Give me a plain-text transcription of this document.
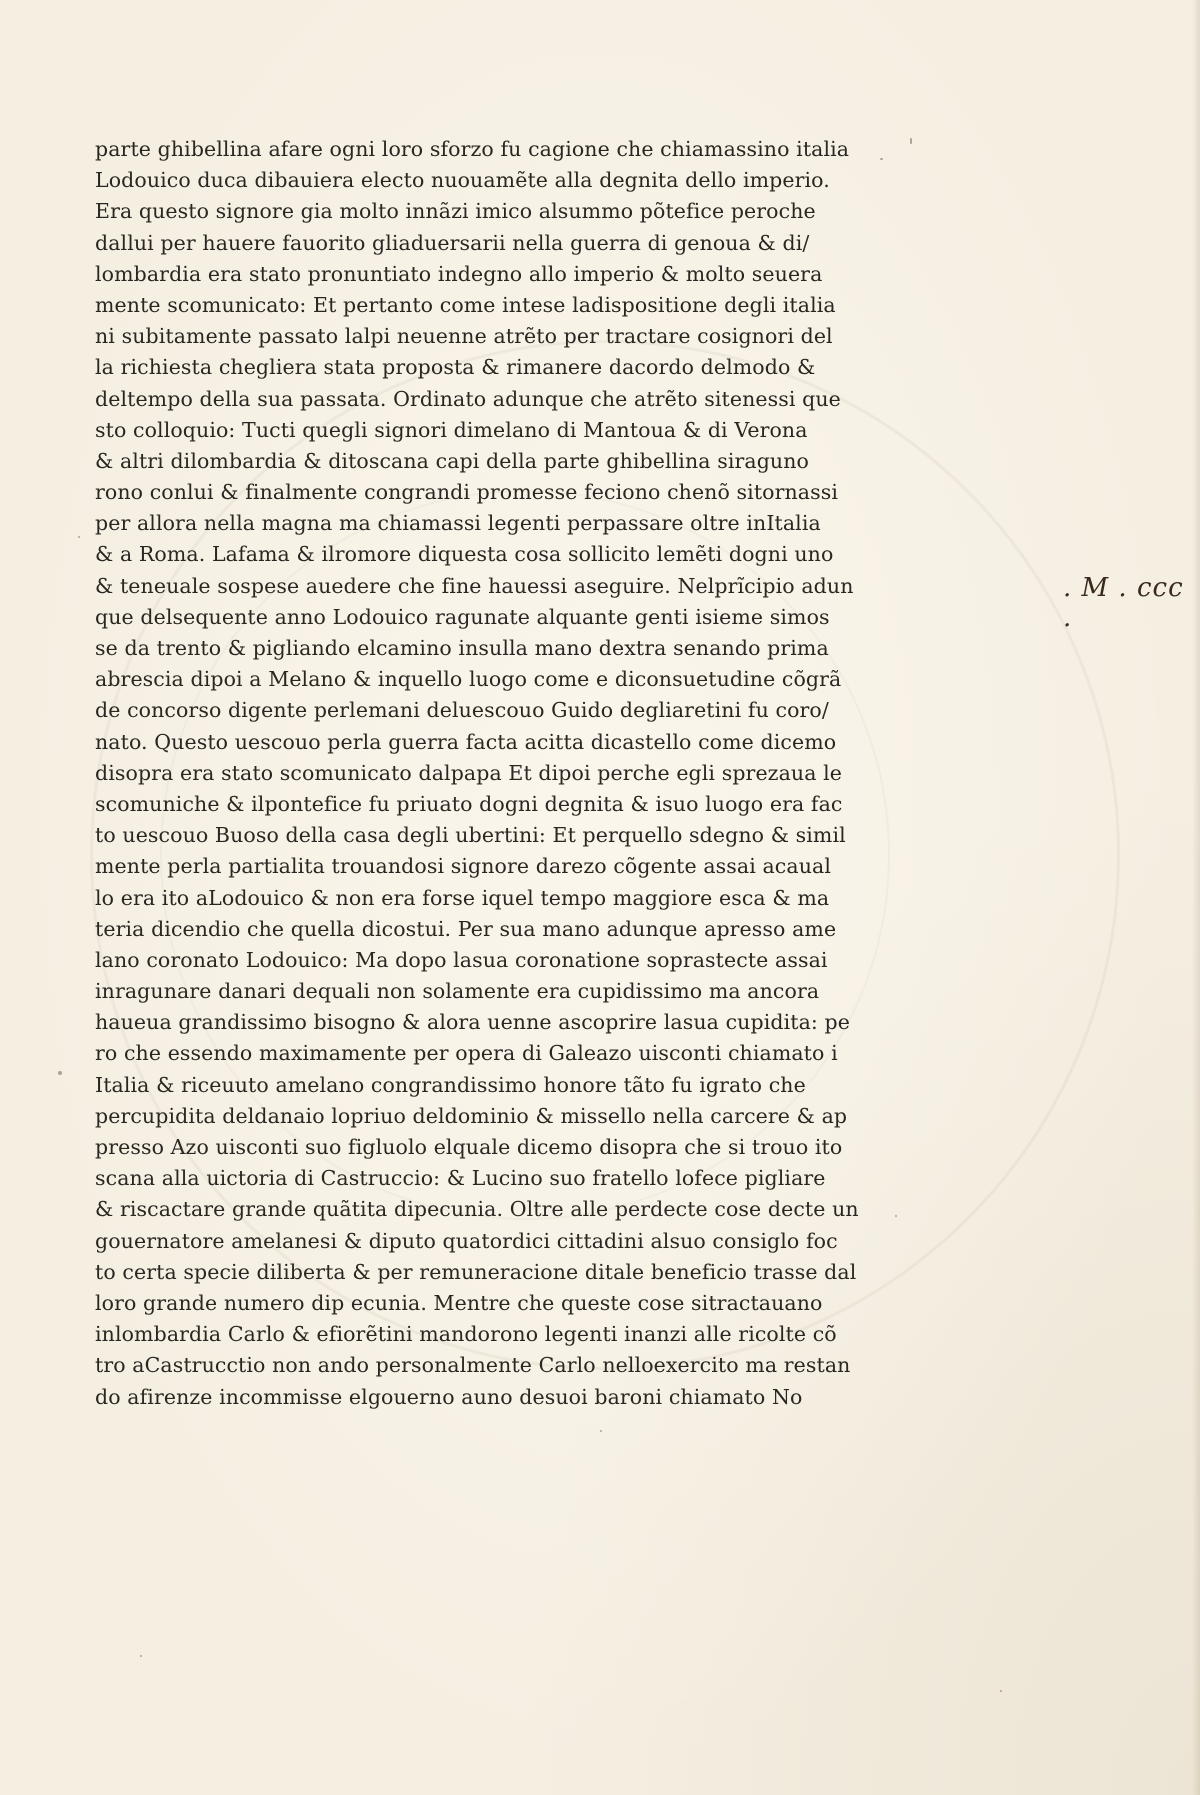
parte ghibellina afare ogni loro sforzo fu cagione che chiamassino italia
Lodouico duca dibauiera electo nuouamẽte alla degnita dello imperio.
Era questo signore gia molto innãzi imico alsummo põtefice peroche
dallui per hauere fauorito gliaduersarii nella guerra di genoua & di/
lombardia era stato pronuntiato indegno allo imperio & molto seuera
mente scomunicato: Et pertanto come intese ladispositione degli italia
ni subitamente passato lalpi neuenne atrẽto per tractare cosignori del
la richiesta chegliera stata proposta & rimanere dacordo delmodo &
deltempo della sua passata. Ordinato adunque che atrẽto sitenessi que
sto colloquio: Tucti quegli signori dimelano di Mantoua & di Verona
& altri dilombardia & ditoscana capi della parte ghibellina siraguno
rono conlui & finalmente congrandi promesse feciono chenõ sitornassi
per allora nella magna ma chiamassi legenti perpassare oltre inItalia
& a Roma. Lafama & ilromore diquesta cosa sollicito lemẽti dogni uno
& teneuale sospese auedere che fine hauessi aseguire. Nelprĩcipio adun
que delsequente anno Lodouico ragunate alquante genti isieme simos
se da trento & pigliando elcamino insulla mano dextra senando prima
abrescia dipoi a Melano & inquello luogo come e diconsuetudine cõgrã
de concorso digente perlemani deluescouo Guido degliaretini fu coro/
nato. Questo uescouo perla guerra facta acitta dicastello come dicemo
disopra era stato scomunicato dalpapa Et dipoi perche egli sprezaua le
scomuniche & ilpontefice fu priuato dogni degnita & isuo luogo era fac
to uescouo Buoso della casa degli ubertini: Et perquello sdegno & simil
mente perla partialita trouandosi signore darezo cõgente assai acaual
lo era ito aLodouico & non era forse iquel tempo maggiore esca & ma
teria dicendio che quella dicostui. Per sua mano adunque apresso ame
lano coronato Lodouico: Ma dopo lasua coronatione soprastecte assai
inragunare danari dequali non solamente era cupidissimo ma ancora
haueua grandissimo bisogno & alora uenne ascoprire lasua cupidita: pe
ro che essendo maximamente per opera di Galeazo uisconti chiamato i
Italia & riceuuto amelano congrandissimo honore tãto fu igrato che
percupidita deldanaio lopriuo deldominio & missello nella carcere & ap
presso Azo uisconti suo figluolo elquale dicemo disopra che si trouo ito
scana alla uictoria di Castruccio: & Lucino suo fratello lofece pigliare
& riscactare grande quãtita dipecunia. Oltre alle perdecte cose decte un
gouernatore amelanesi & diputo quatordici cittadini alsuo consiglo foc
to certa specie diliberta & per remuneracione ditale beneficio trasse dal
loro grande numero dip ecunia. Mentre che queste cose sitractauano
inlombardia Carlo & efiorẽtini mandorono legenti inanzi alle ricolte cõ
tro aCastrucctio non ando personalmente Carlo nelloexercito ma restan
do afirenze incommisse elgouerno auno desuoi baroni chiamato No
. M . ccc .
